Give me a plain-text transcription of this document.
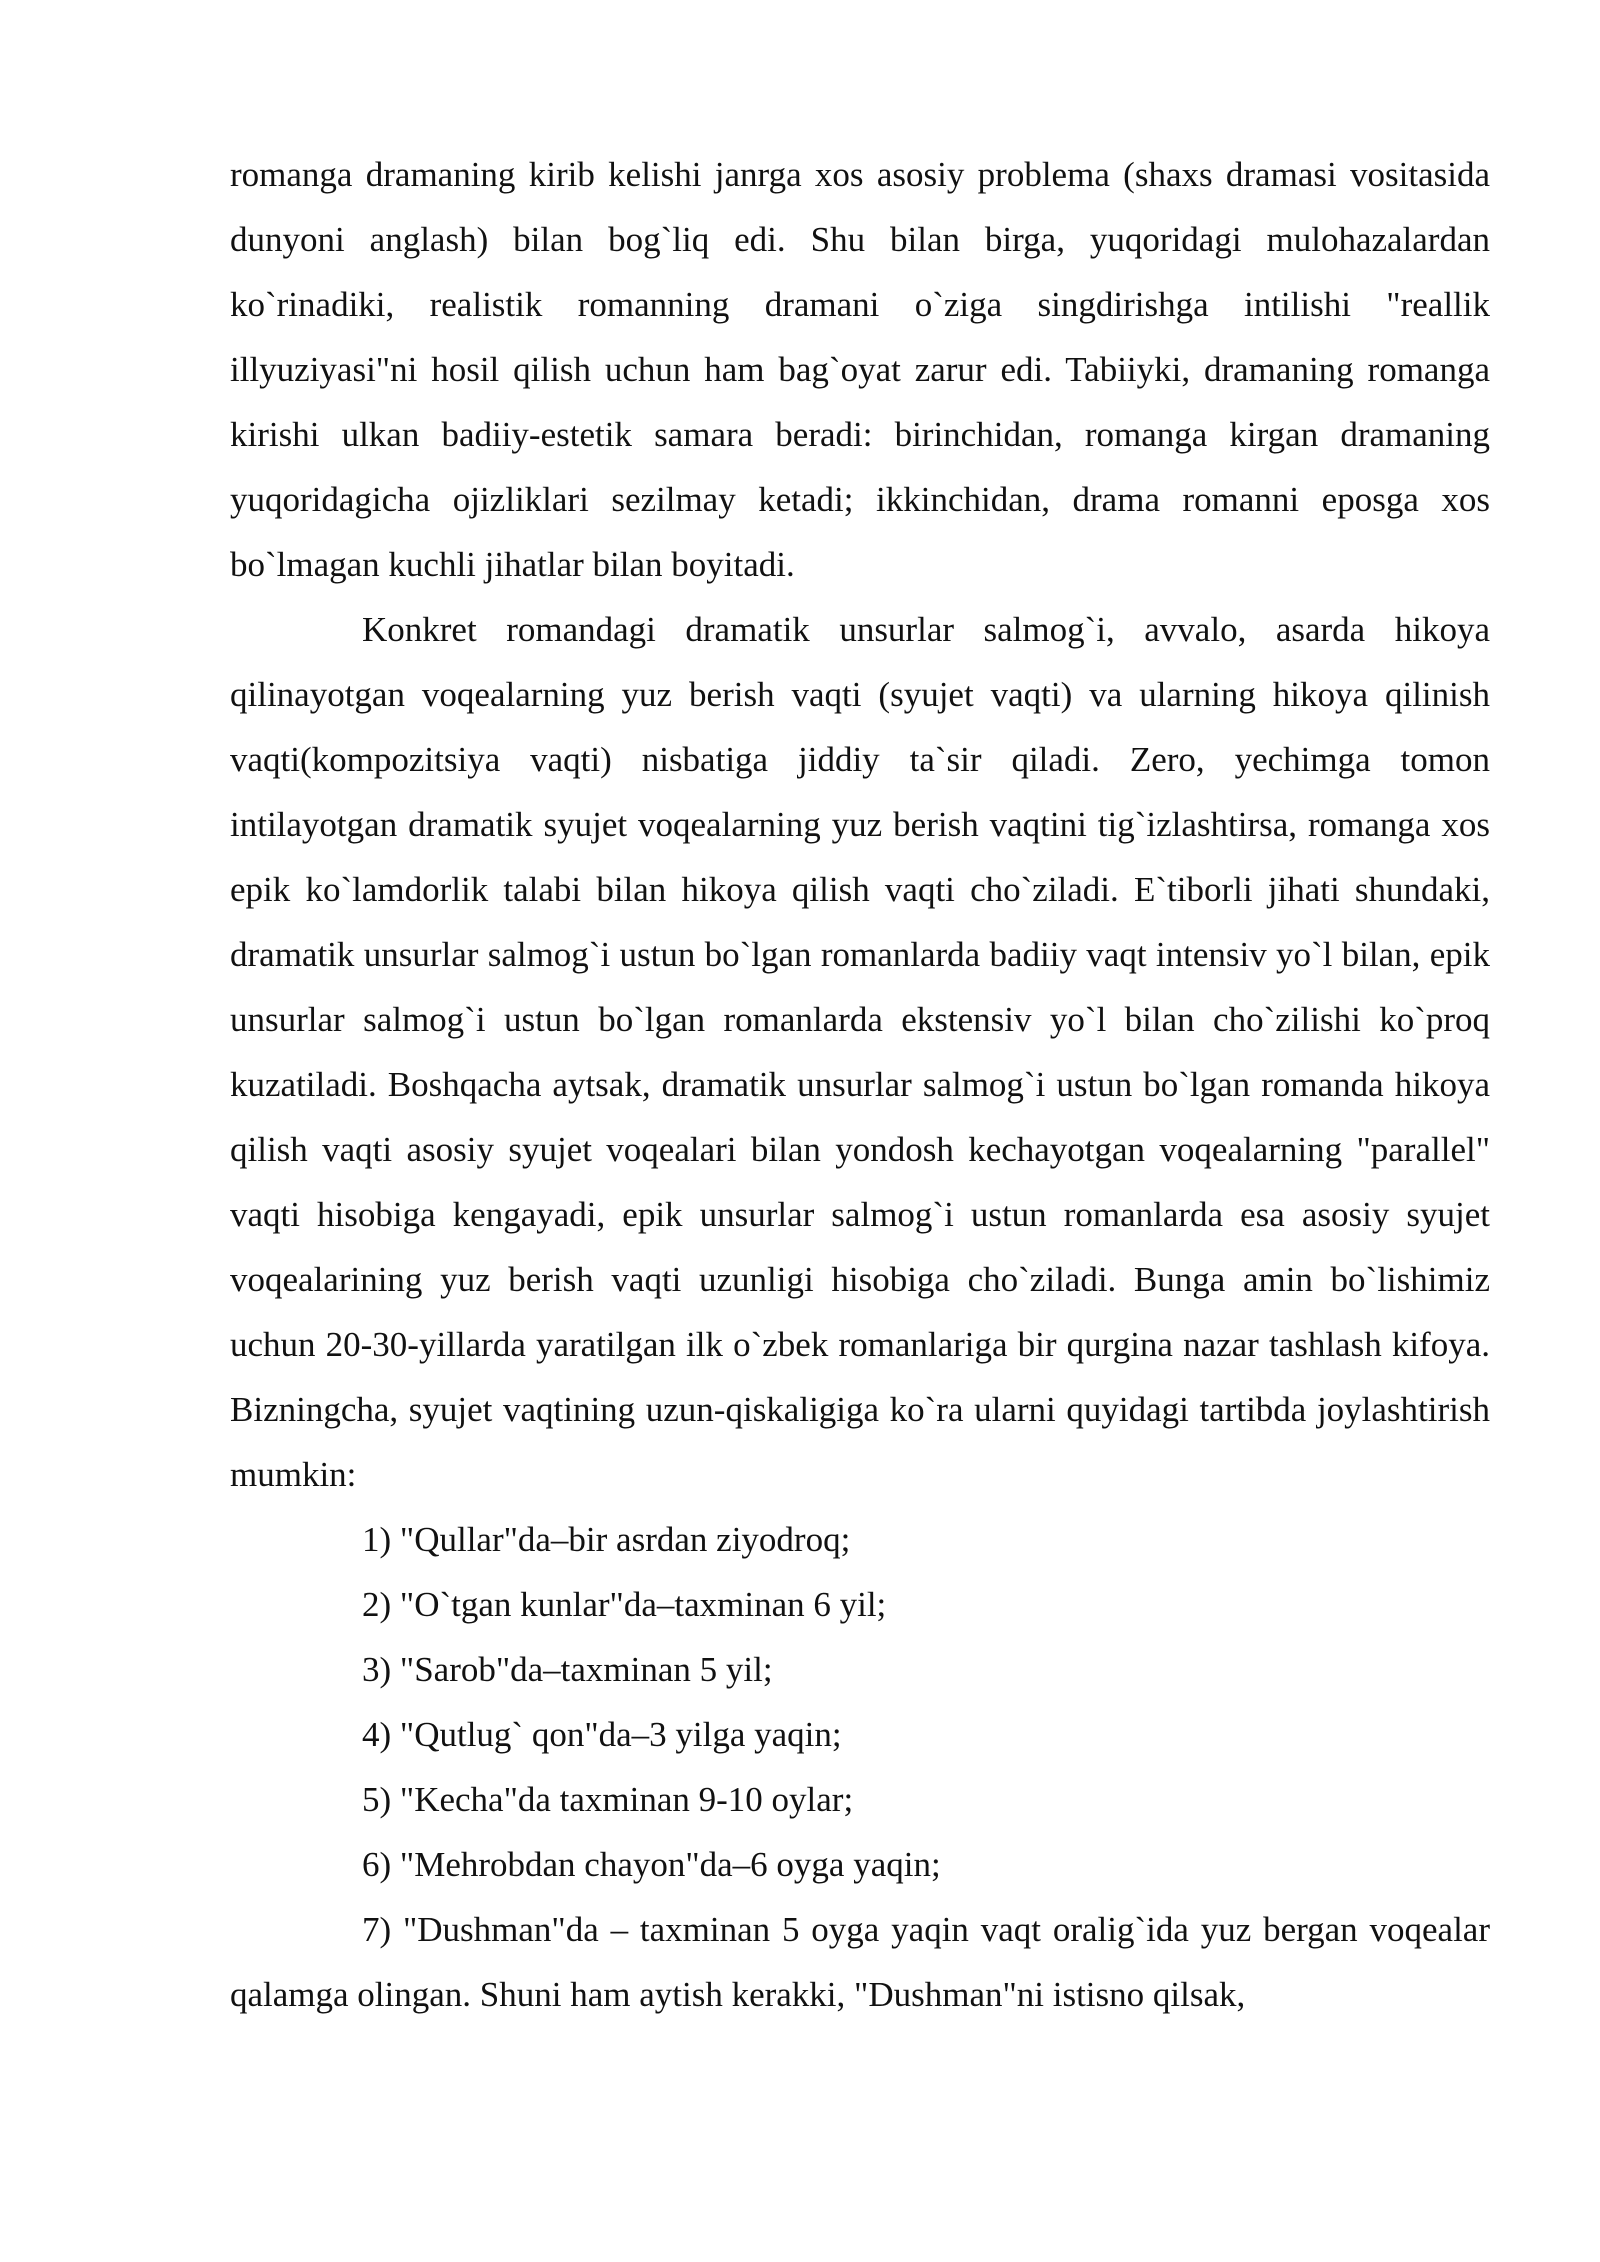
romanga dramaning kirib kelishi janrga xos asosiy problema (shaxs dramasi vositasida dunyoni anglash) bilan bog`liq edi. Shu bilan birga, yuqoridagi mulohazalardan ko`rinadiki, realistik romanning dramani o`ziga singdirishga intilishi "reallik illyuziyasi"ni hosil qilish uchun ham bag`oyat zarur edi. Tabiiyki, dramaning romanga kirishi ulkan badiiy-estetik samara beradi: birinchidan, romanga kirgan dramaning yuqoridagicha ojizliklari sezilmay ketadi; ikkinchidan, drama romanni eposga xos bo`lmagan kuchli jihatlar bilan boyitadi.

Konkret romandagi dramatik unsurlar salmog`i, avvalo, asarda hikoya qilinayotgan voqealarning yuz berish vaqti (syujet vaqti) va ularning hikoya qilinish vaqti(kompozitsiya vaqti) nisbatiga jiddiy ta`sir qiladi. Zero, yechimga tomon intilayotgan dramatik syujet voqealarning yuz berish vaqtini tig`izlashtirsa, romanga xos epik ko`lamdorlik talabi bilan hikoya qilish vaqti cho`ziladi. E`tiborli jihati shundaki, dramatik unsurlar salmog`i ustun bo`lgan romanlarda badiiy vaqt intensiv yo`l bilan, epik unsurlar salmog`i ustun bo`lgan romanlarda ekstensiv yo`l bilan cho`zilishi ko`proq kuzatiladi. Boshqacha aytsak, dramatik unsurlar salmog`i ustun bo`lgan romanda hikoya qilish vaqti asosiy syujet voqealari bilan yondosh kechayotgan voqealarning "parallel" vaqti hisobiga kengayadi, epik unsurlar salmog`i ustun romanlarda esa asosiy syujet voqealarining yuz berish vaqti uzunligi hisobiga cho`ziladi. Bunga amin bo`lishimiz uchun 20-30-yillarda yaratilgan ilk o`zbek romanlariga bir qurgina nazar tashlash kifoya. Bizningcha, syujet vaqtining uzun-qiskaligiga ko`ra ularni quyidagi tartibda joylashtirish mumkin:

1) "Qullar"da–bir asrdan ziyodroq;

2) "O`tgan kunlar"da–taxminan 6 yil;

3) "Sarob"da–taxminan 5 yil;

4) "Qutlug` qon"da–3 yilga yaqin;

5) "Kecha"da taxminan 9-10 oylar;

6) "Mehrobdan chayon"da–6 oyga yaqin;

7) "Dushman"da – taxminan 5 oyga yaqin vaqt oralig`ida yuz bergan voqealar qalamga olingan. Shuni ham aytish kerakki, "Dushman"ni istisno qilsak,
